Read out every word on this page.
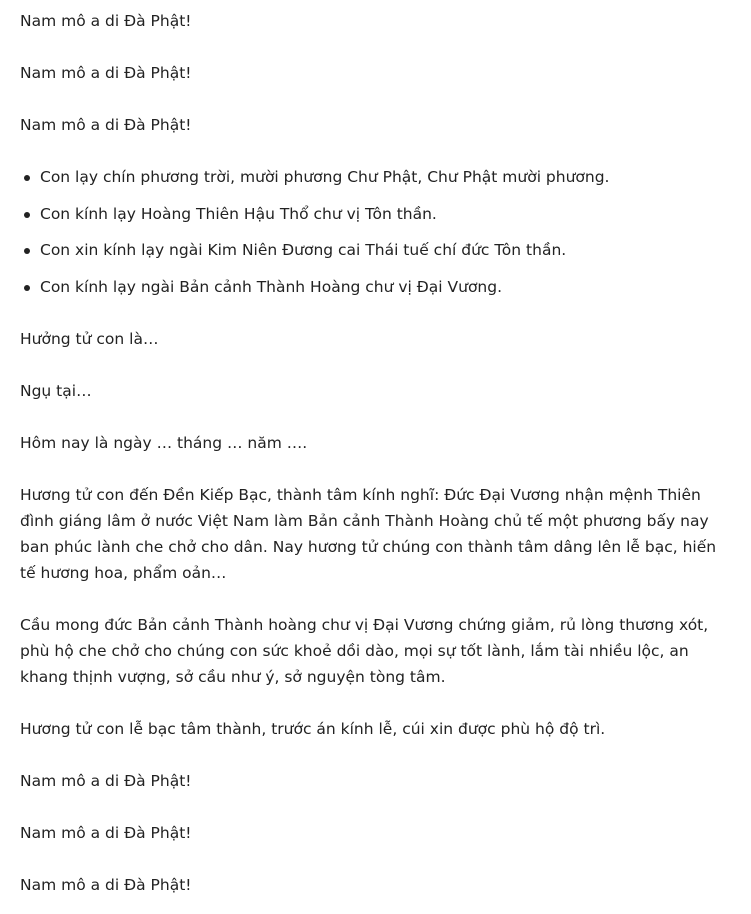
Nam mô a di Đà Phật!

Nam mô a di Đà Phật!

Nam mô a di Đà Phật!

Con lạy chín phương trời, mười phương Chư Phật, Chư Phật mười phương.
Con kính lạy Hoàng Thiên Hậu Thổ chư vị Tôn thần.
Con xin kính lạy ngài Kim Niên Đương cai Thái tuế chí đức Tôn thần.
Con kính lạy ngài Bản cảnh Thành Hoàng chư vị Đại Vương.

Hưởng tử con là…

Ngụ tại…

Hôm nay là ngày … tháng … năm ….

Hương tử con đến Đền Kiếp Bạc, thành tâm kính nghĩ: Đức Đại Vương nhận mệnh Thiên đình giáng lâm ở nước Việt Nam làm Bản cảnh Thành Hoàng chủ tế một phương bấy nay ban phúc lành che chở cho dân. Nay hương tử chúng con thành tâm dâng lên lễ bạc, hiến tế hương hoa, phẩm oản…

Cầu mong đức Bản cảnh Thành hoàng chư vị Đại Vương chứng giảm, rủ lòng thương xót, phù hộ che chở cho chúng con sức khoẻ dồi dào, mọi sự tốt lành, lắm tài nhiều lộc, an khang thịnh vượng, sở cầu như ý, sở nguyện tòng tâm.

Hương tử con lễ bạc tâm thành, trước án kính lễ, cúi xin được phù hộ độ trì.

Nam mô a di Đà Phật!

Nam mô a di Đà Phật!

Nam mô a di Đà Phật!
